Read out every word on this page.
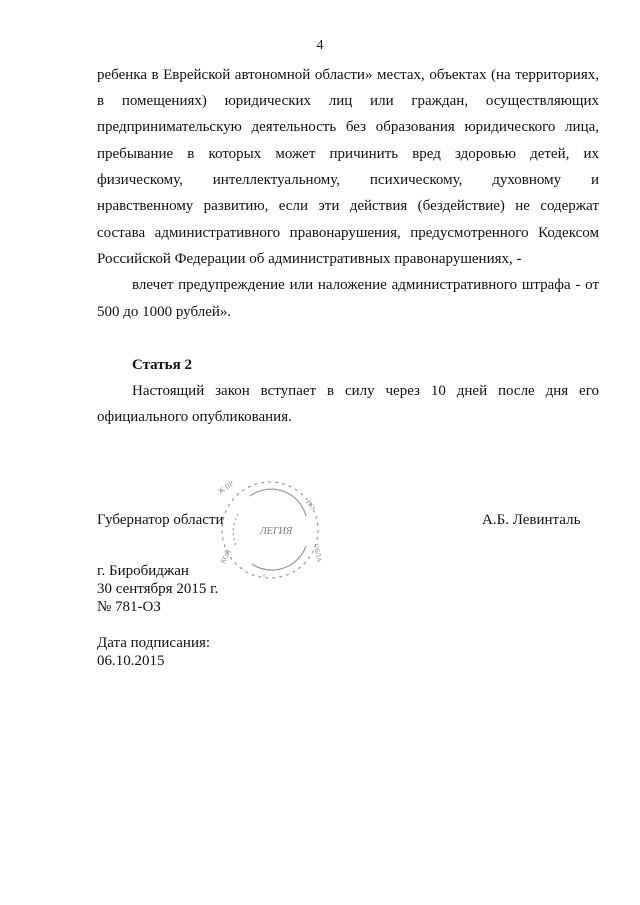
4
ребенка в Еврейской автономной области» местах, объектах (на территориях,
в помещениях) юридических лиц или граждан, осуществляющих
предпринимательскую деятельность без образования юридического лица,
пребывание в которых может причинить вред здоровью детей, их
физическому, интеллектуальному, психическому, духовному и
нравственному развитию, если эти действия (бездействие) не содержат
состава административного правонарушения, предусмотренного Кодексом
Российской Федерации об административных правонарушениях, -
влечет предупреждение или наложение административного штрафа - от
500 до 1000 рублей».
Статья 2
Настоящий закон вступает в силу через 10 дней после дня его
официального опубликования.
Ж ПР
ИО
ОБЛА
×
КОЙ
ЛЕГИЯ
Губернатор области	А.Б. Левинталь
г. Биробиджан
30 сентября 2015 г.
№ 781-ОЗ
Дата подписания:
06.10.2015
